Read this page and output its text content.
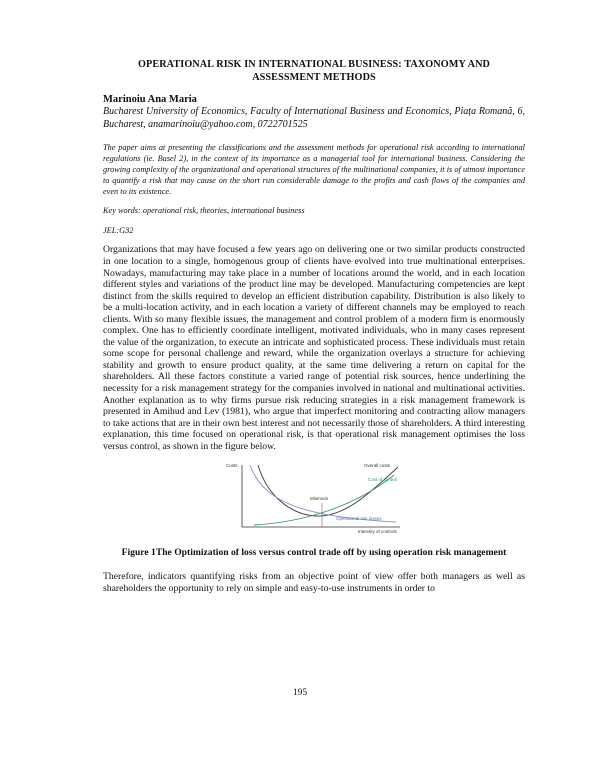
OPERATIONAL RISK IN INTERNATIONAL BUSINESS: TAXONOMY AND ASSESSMENT METHODS
Marinoiu Ana Maria
Bucharest University of Economics, Faculty of International Business and Economics, Piața Romană, 6, Bucharest, anamarinoiu@yahoo.com, 0722701525
The paper aims at presenting the classifications and the assessment methods for operational risk according to international regulations (ie. Basel 2), in the context of its importance as a managerial tool for international business. Considering the growing complexity of the organizational and operational structures of the multinational companies, it is of utmost importance to quantify a risk that may cause on the short run considerable damage to the profits and cash flows of the companies and even to its existence.
Key words: operational risk, theories, international business
JEL:G32
Organizations that may have focused a few years ago on delivering one or two similar products constructed in one location to a single, homogenous group of clients have evolved into true multinational enterprises. Nowadays, manufacturing may take place in a number of locations around the world, and in each location different styles and variations of the product line may be developed. Manufacturing competencies are kept distinct from the skills required to develop an efficient distribution capability. Distribution is also likely to be a multi-location activity, and in each location a variety of different channels may be employed to reach clients. With so many flexible issues, the management and control problem of a modern firm is enormously complex. One has to efficiently coordinate intelligent, motivated individuals, who in many cases represent the value of the organization, to execute an intricate and sophisticated process. These individuals must retain some scope for personal challenge and reward, while the organization overlays a structure for achieving stability and growth to ensure product quality, at the same time delivering a return on capital for the shareholders. All these factors constitute a varied range of potential risk sources, hence underlining the necessity for a risk management strategy for the companies involved in national and multinational activities. Another explanation as to why firms pursue risk reducing strategies in a risk management framework is presented in Amihud and Lev (1981), who argue that imperfect monitoring and contracting allow managers to take actions that are in their own best interest and not necessarily those of shareholders. A third interesting explanation, this time focused on operational risk, is that operational risk management optimises the loss versus control, as shown in the figure below.
Costs
Intensity of controls
Overall costs
Cost of control
Minimum
Operational risk losses
Figure 1The Optimization of loss versus control trade off by using operation risk management
Therefore, indicators quantifying risks from an objective point of view offer both managers as well as shareholders the opportunity to rely on simple and easy-to-use instruments in order to
195
